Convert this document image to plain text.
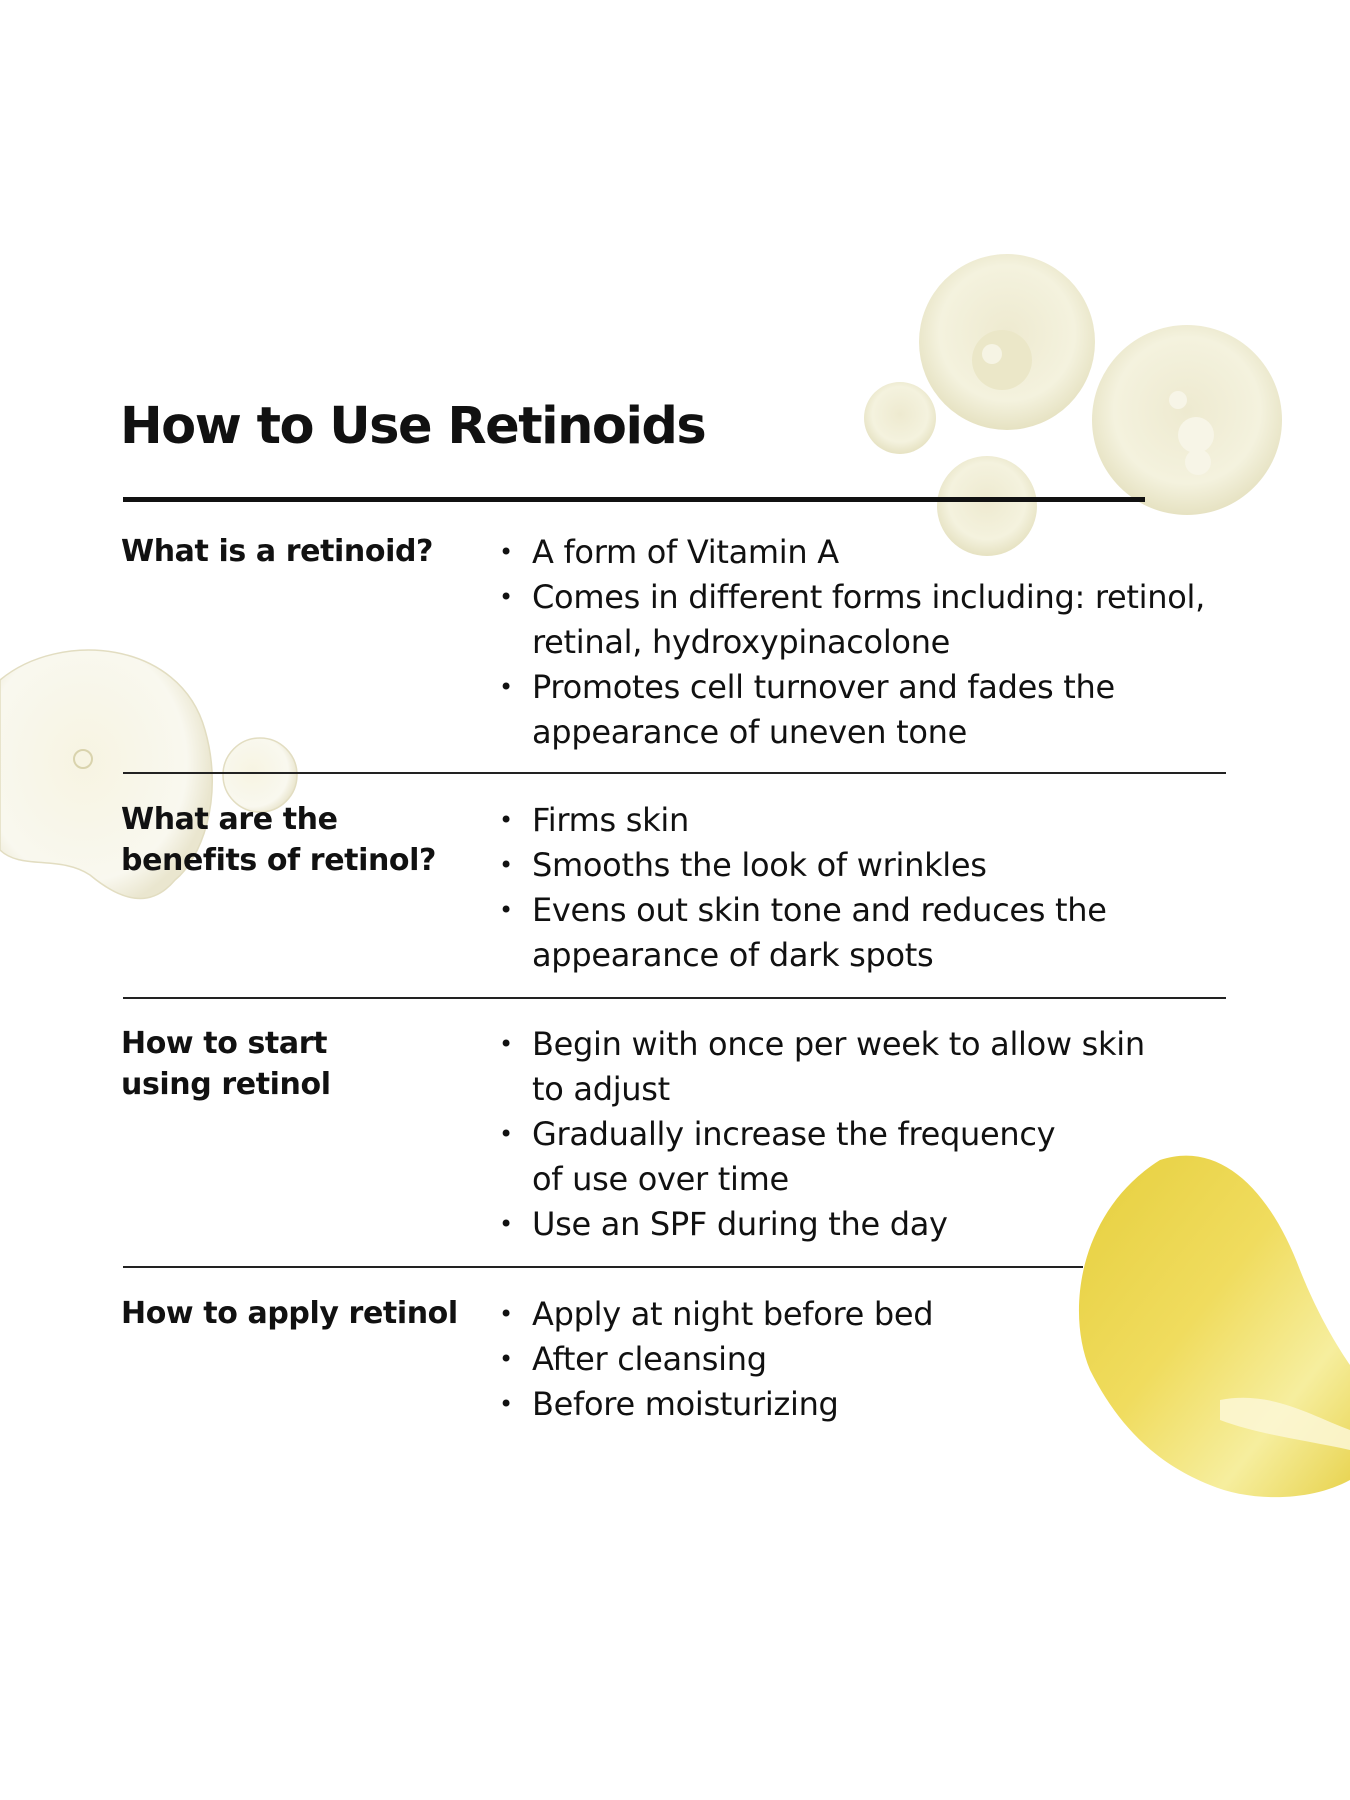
How to Use Retinoids
What is a retinoid?	• A form of Vitamin A
• Comes in different forms including: retinol,
retinal, hydroxypinacolone
• Promotes cell turnover and fades the
appearance of uneven tone
What are the
benefits of retinol?
• Firms skin
• Smooths the look of wrinkles
• Evens out skin tone and reduces the
appearance of dark spots
How to start
using retinol
• Begin with once per week to allow skin
to adjust
• Gradually increase the frequency
of use over time
• Use an SPF during the day
How to apply retinol	• Apply at night before bed
• After cleansing
• Before moisturizing
